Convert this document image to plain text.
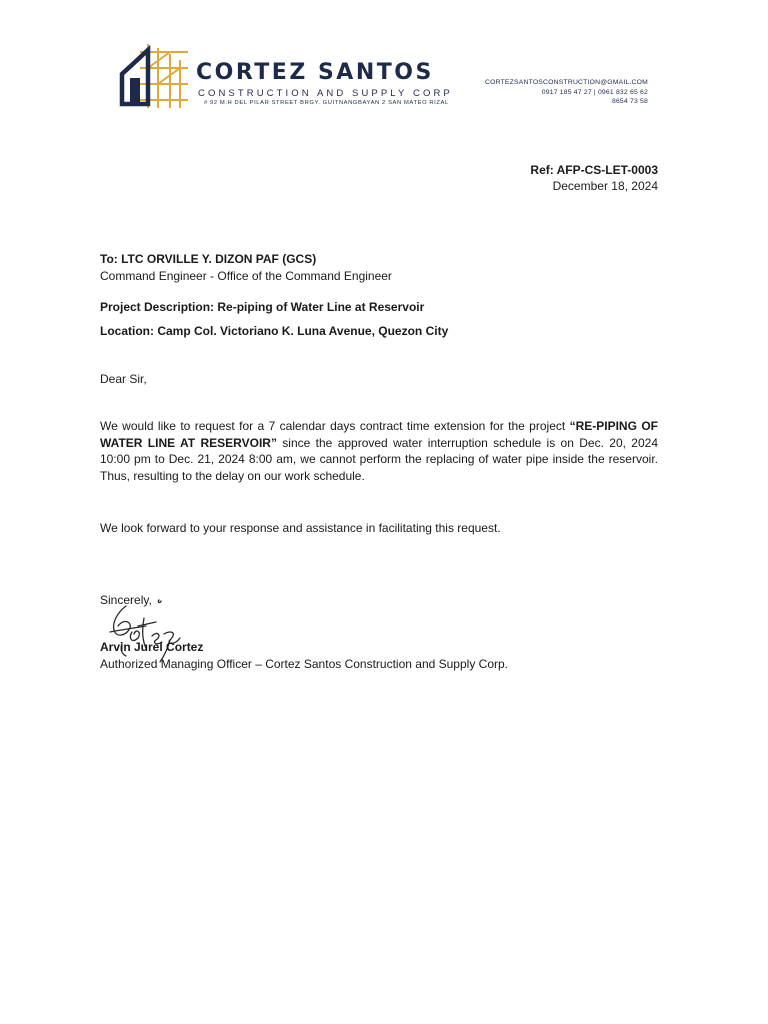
CORTEZ SANTOS
CONSTRUCTION AND SUPPLY CORP
# 92 M.H DEL PILAR STREET BRGY. GUITNANGBAYAN 2 SAN MATEO RIZAL
CORTEZSANTOSCONSTRUCTION@GMAIL.COM
0917 185 47 27 | 0961 832 65 62
8654 73 58
Ref: AFP-CS-LET-0003
December 18, 2024
To: LTC ORVILLE Y. DIZON PAF (GCS)
Command Engineer - Office of the Command Engineer
Project Description: Re-piping of Water Line at Reservoir
Location: Camp Col. Victoriano K. Luna Avenue, Quezon City
Dear Sir,
We would like to request for a 7 calendar days contract time extension for the project “RE-PIPING OF WATER LINE AT RESERVOIR” since the approved water interruption schedule is on Dec. 20, 2024 10:00 pm to Dec. 21, 2024 8:00 am, we cannot perform the replacing of water pipe inside the reservoir. Thus, resulting to the delay on our work schedule.
We look forward to your response and assistance in facilitating this request.
Sincerely,
Arvin Jurel Cortez
Authorized Managing Officer – Cortez Santos Construction and Supply Corp.
